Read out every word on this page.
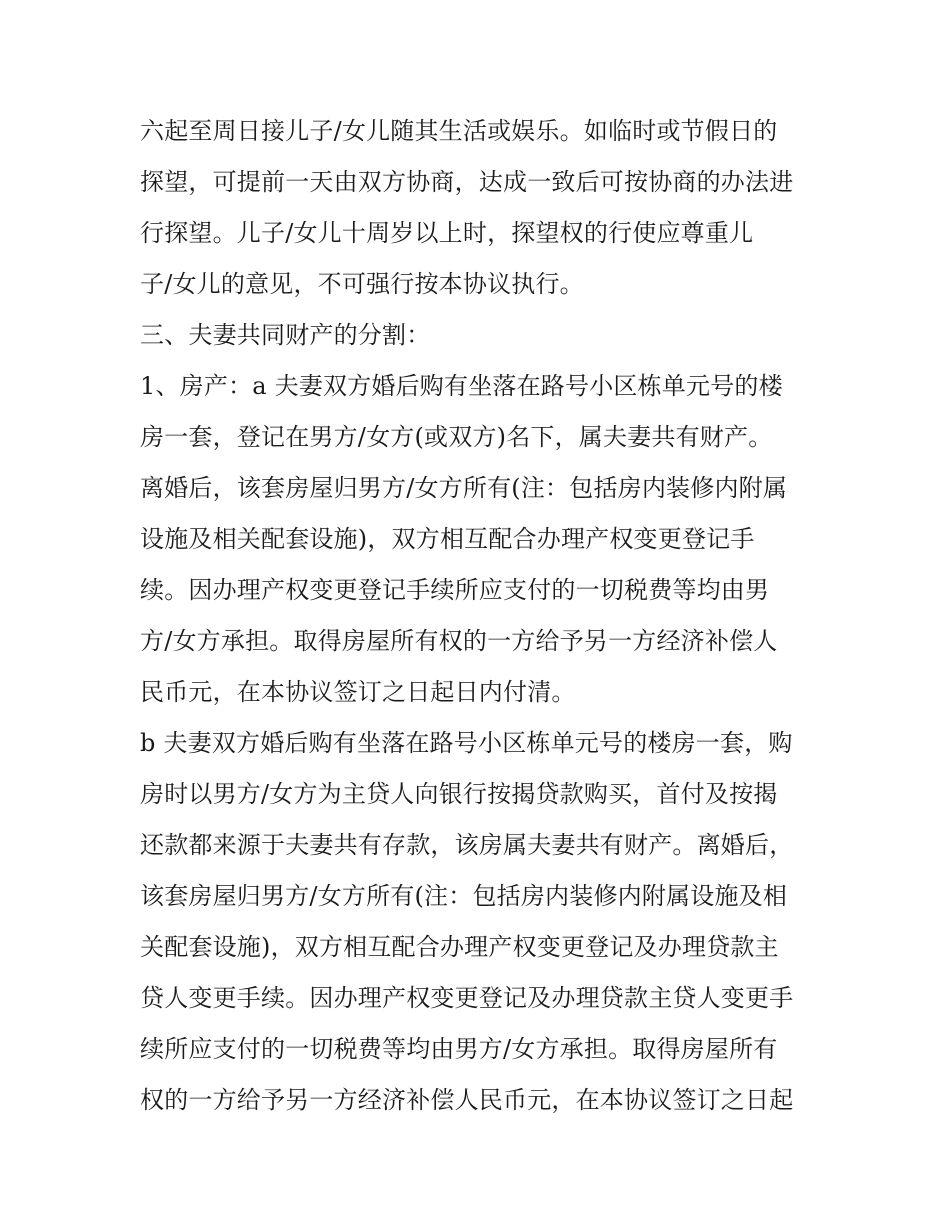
六起至周日接儿子/女儿随其生活或娱乐。如临时或节假日的
探望，可提前一天由双方协商，达成一致后可按协商的办法进
行探望。儿子/女儿十周岁以上时，探望权的行使应尊重儿
子/女儿的意见，不可强行按本协议执行。
三、夫妻共同财产的分割：
1、房产：a 夫妻双方婚后购有坐落在路号小区栋单元号的楼
房一套，登记在男方/女方(或双方)名下，属夫妻共有财产。
离婚后，该套房屋归男方/女方所有(注：包括房内装修内附属
设施及相关配套设施)，双方相互配合办理产权变更登记手
续。因办理产权变更登记手续所应支付的一切税费等均由男
方/女方承担。取得房屋所有权的一方给予另一方经济补偿人
民币元，在本协议签订之日起日内付清。
b 夫妻双方婚后购有坐落在路号小区栋单元号的楼房一套，购
房时以男方/女方为主贷人向银行按揭贷款购买，首付及按揭
还款都来源于夫妻共有存款，该房属夫妻共有财产。离婚后，
该套房屋归男方/女方所有(注：包括房内装修内附属设施及相
关配套设施)，双方相互配合办理产权变更登记及办理贷款主
贷人变更手续。因办理产权变更登记及办理贷款主贷人变更手
续所应支付的一切税费等均由男方/女方承担。取得房屋所有
权的一方给予另一方经济补偿人民币元，在本协议签订之日起
